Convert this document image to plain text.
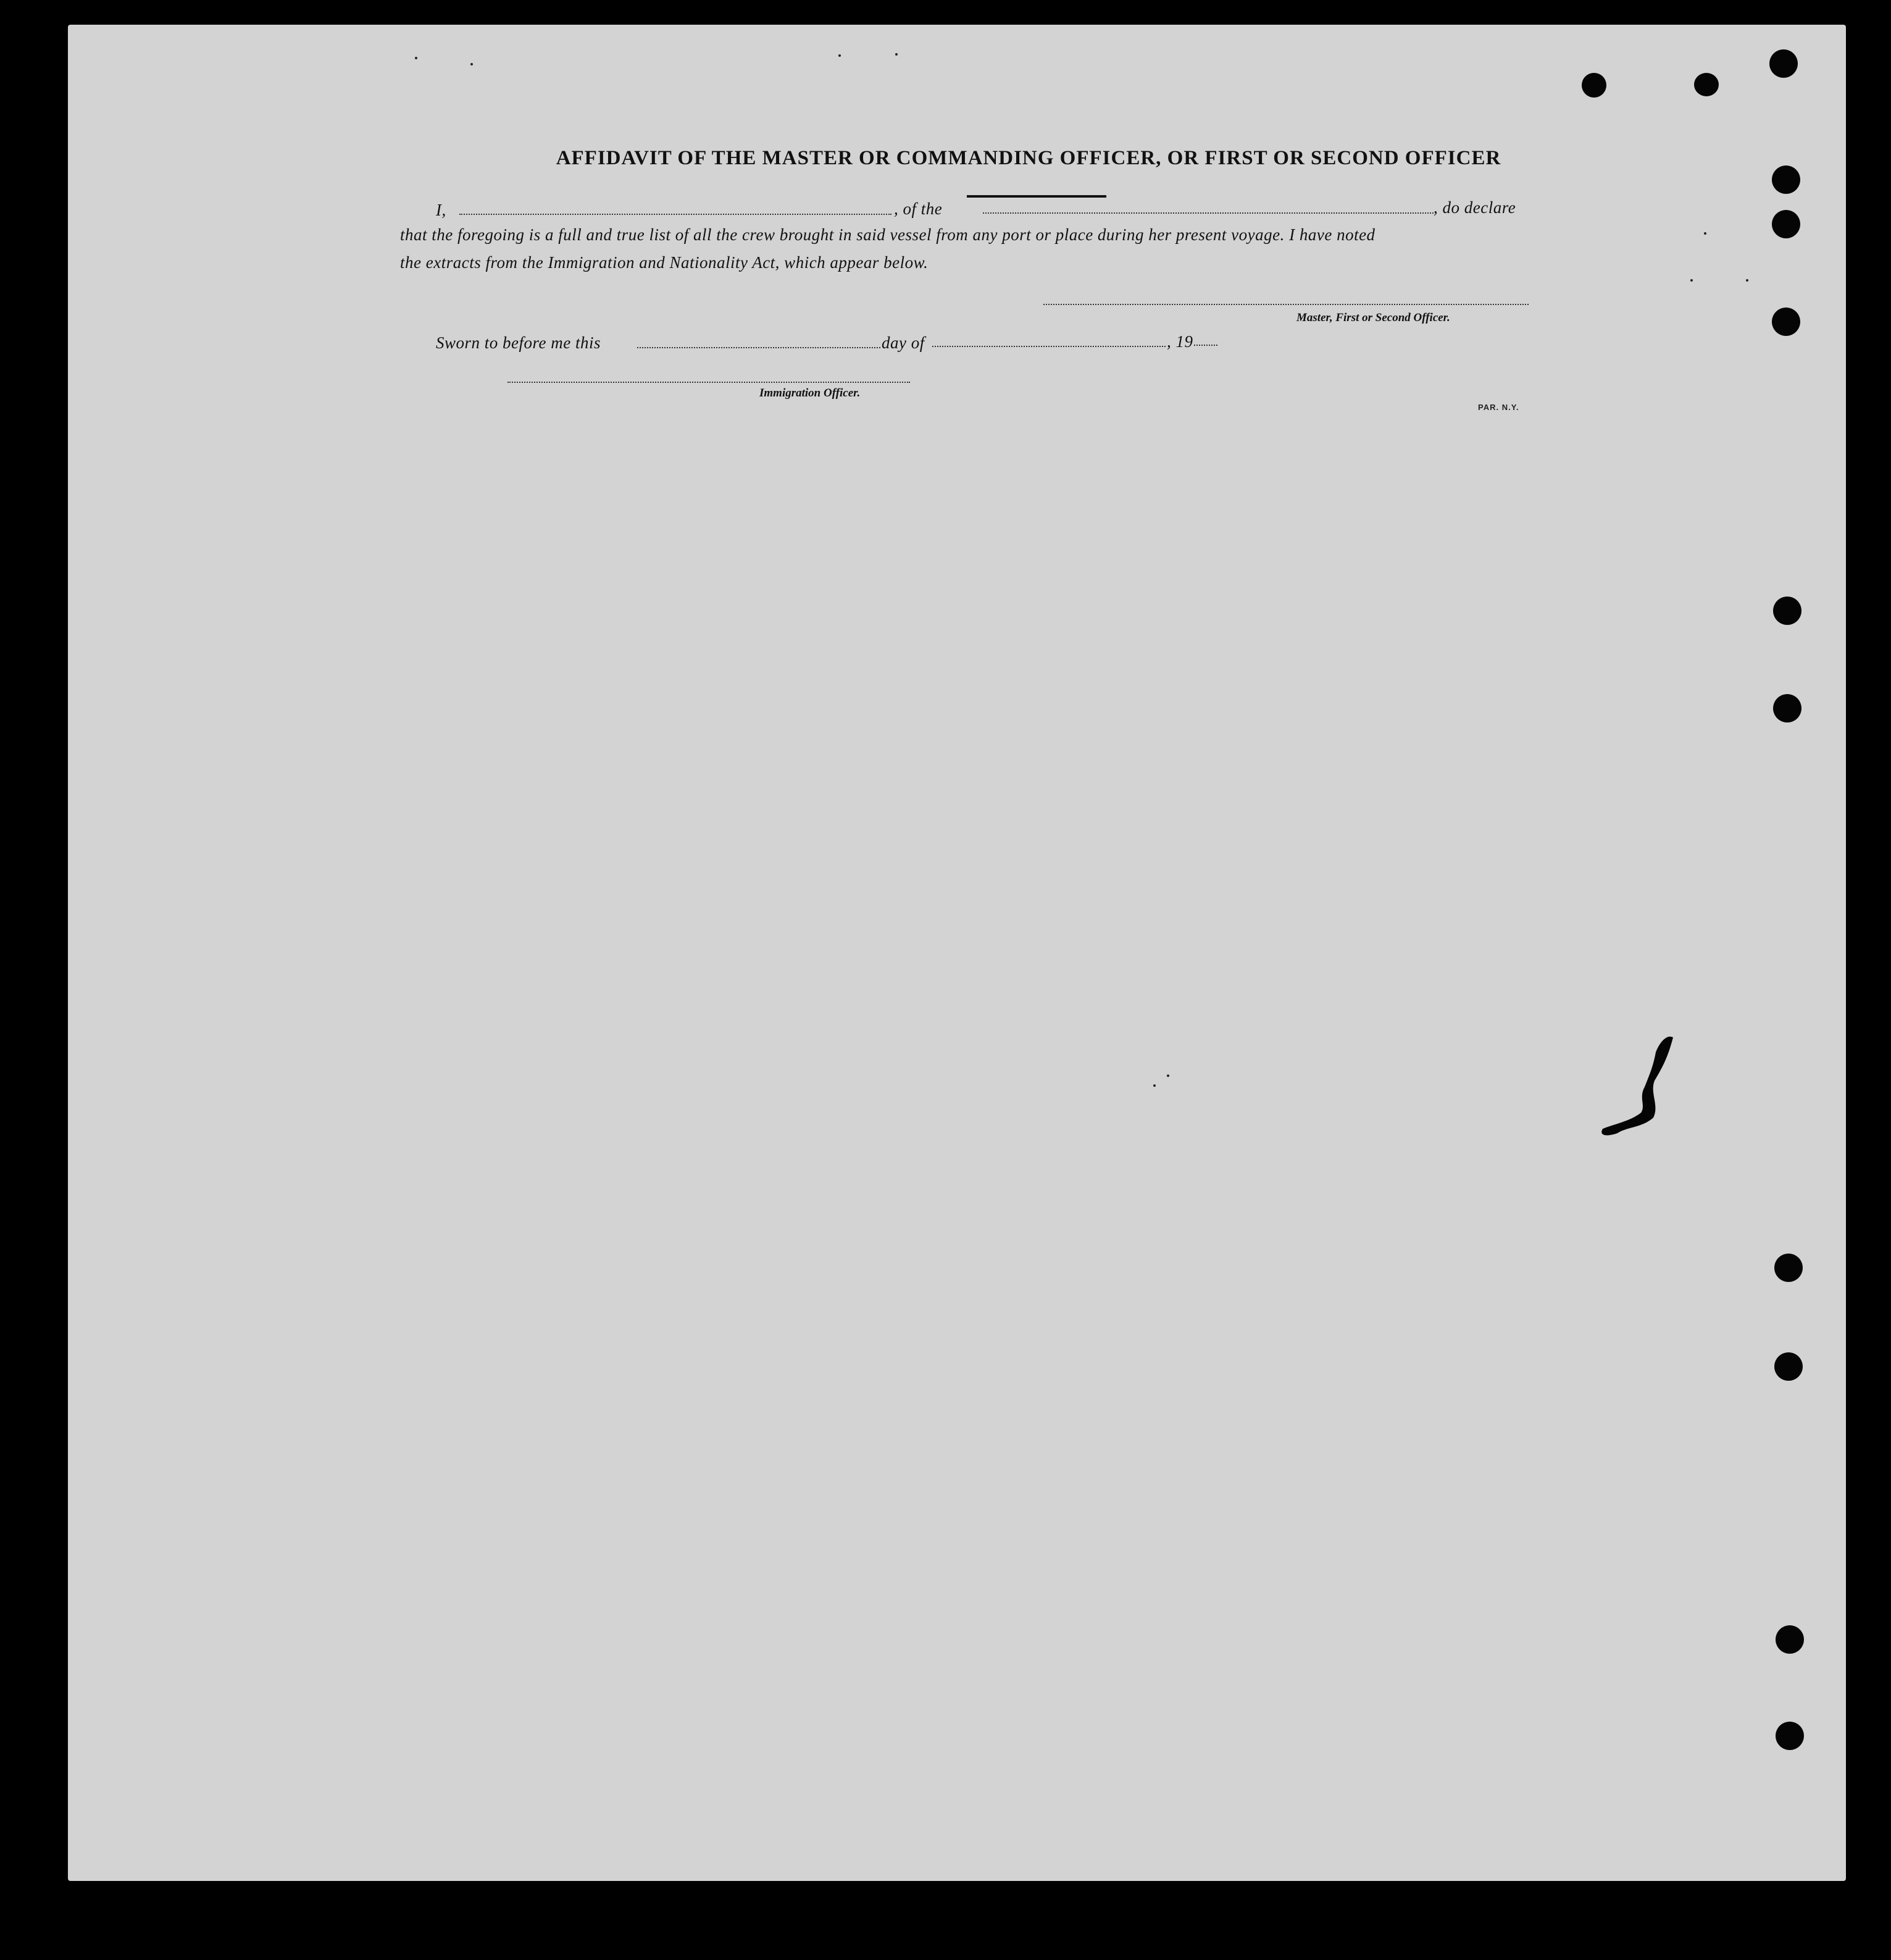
AFFIDAVIT OF THE MASTER OR COMMANDING OFFICER, OR FIRST OR SECOND OFFICER
I,	, of the	, do declare
that the foregoing is a full and true list of all the crew brought in said vessel from any port or place during her present voyage. I have noted
the extracts from the Immigration and Nationality Act, which appear below.
Master, First or Second Officer.
Sworn to before me this	day of	, 19
Immigration Officer.
PAR. N.Y.
